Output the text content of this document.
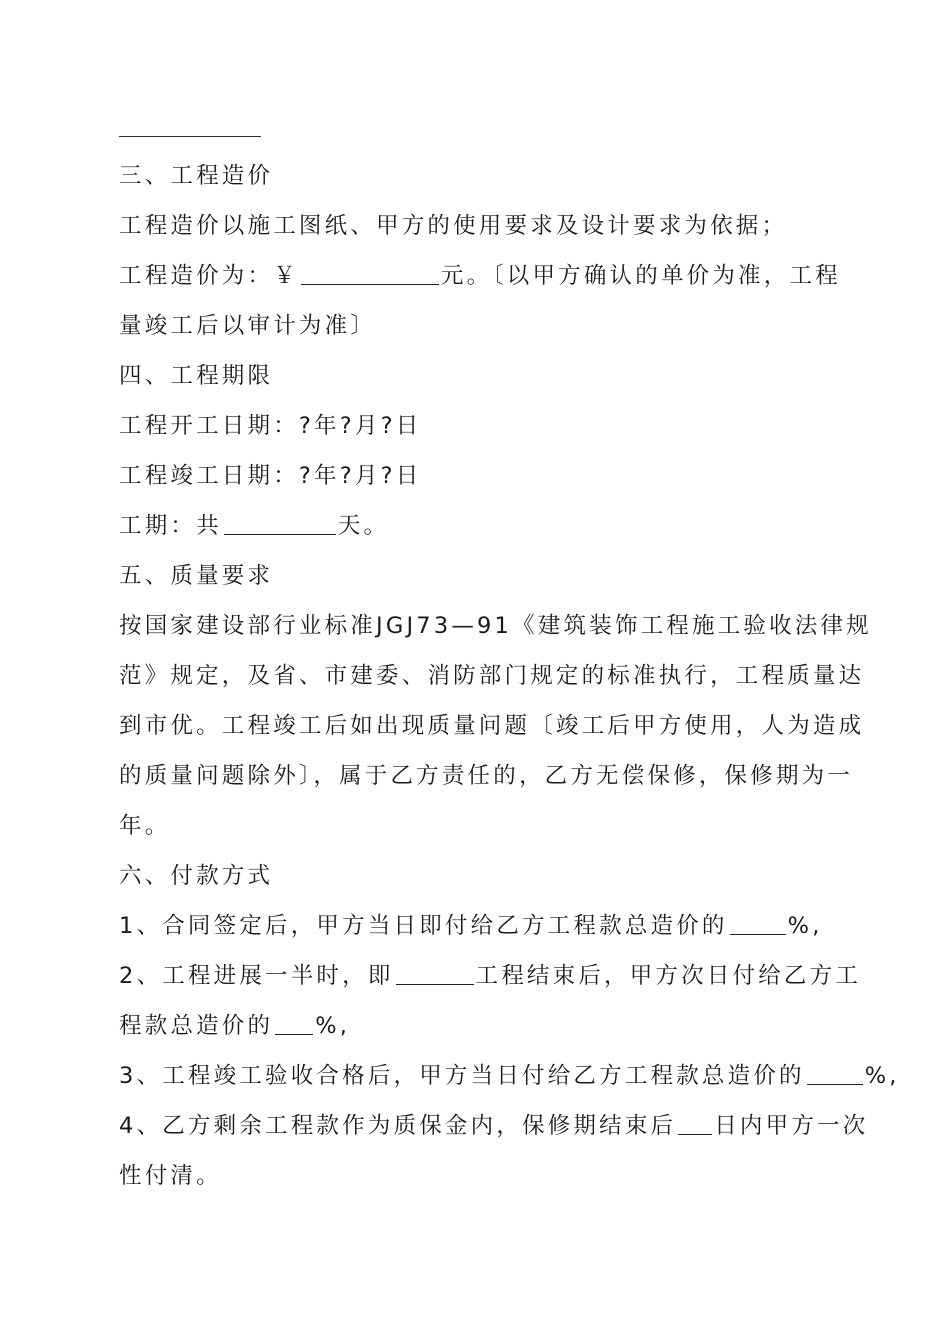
三、工程造价
工程造价以施工图纸、甲方的使用要求及设计要求为依据；
工程造价为：￥	元。〔以甲方确认的单价为准，工程
量竣工后以审计为准〕
四、工程期限
工程开工日期：?年?月?日
工程竣工日期：?年?月?日
工期：共	天。
五、质量要求
按国家建设部行业标准JGJ73—91《建筑装饰工程施工验收法律规
范》规定，及省、市建委、消防部门规定的标准执行，工程质量达
到市优。工程竣工后如出现质量问题〔竣工后甲方使用，人为造成
的质量问题除外〕，属于乙方责任的，乙方无偿保修，保修期为一
年。
六、付款方式
1、合同签定后，甲方当日即付给乙方工程款总造价的	%,
2、工程进展一半时，即	工程结束后，甲方次日付给乙方工
程款总造价的 %,
3、工程竣工验收合格后，甲方当日付给乙方工程款总造价的	%,
4、乙方剩余工程款作为质保金内，保修期结束后 日内甲方一次
性付清。
